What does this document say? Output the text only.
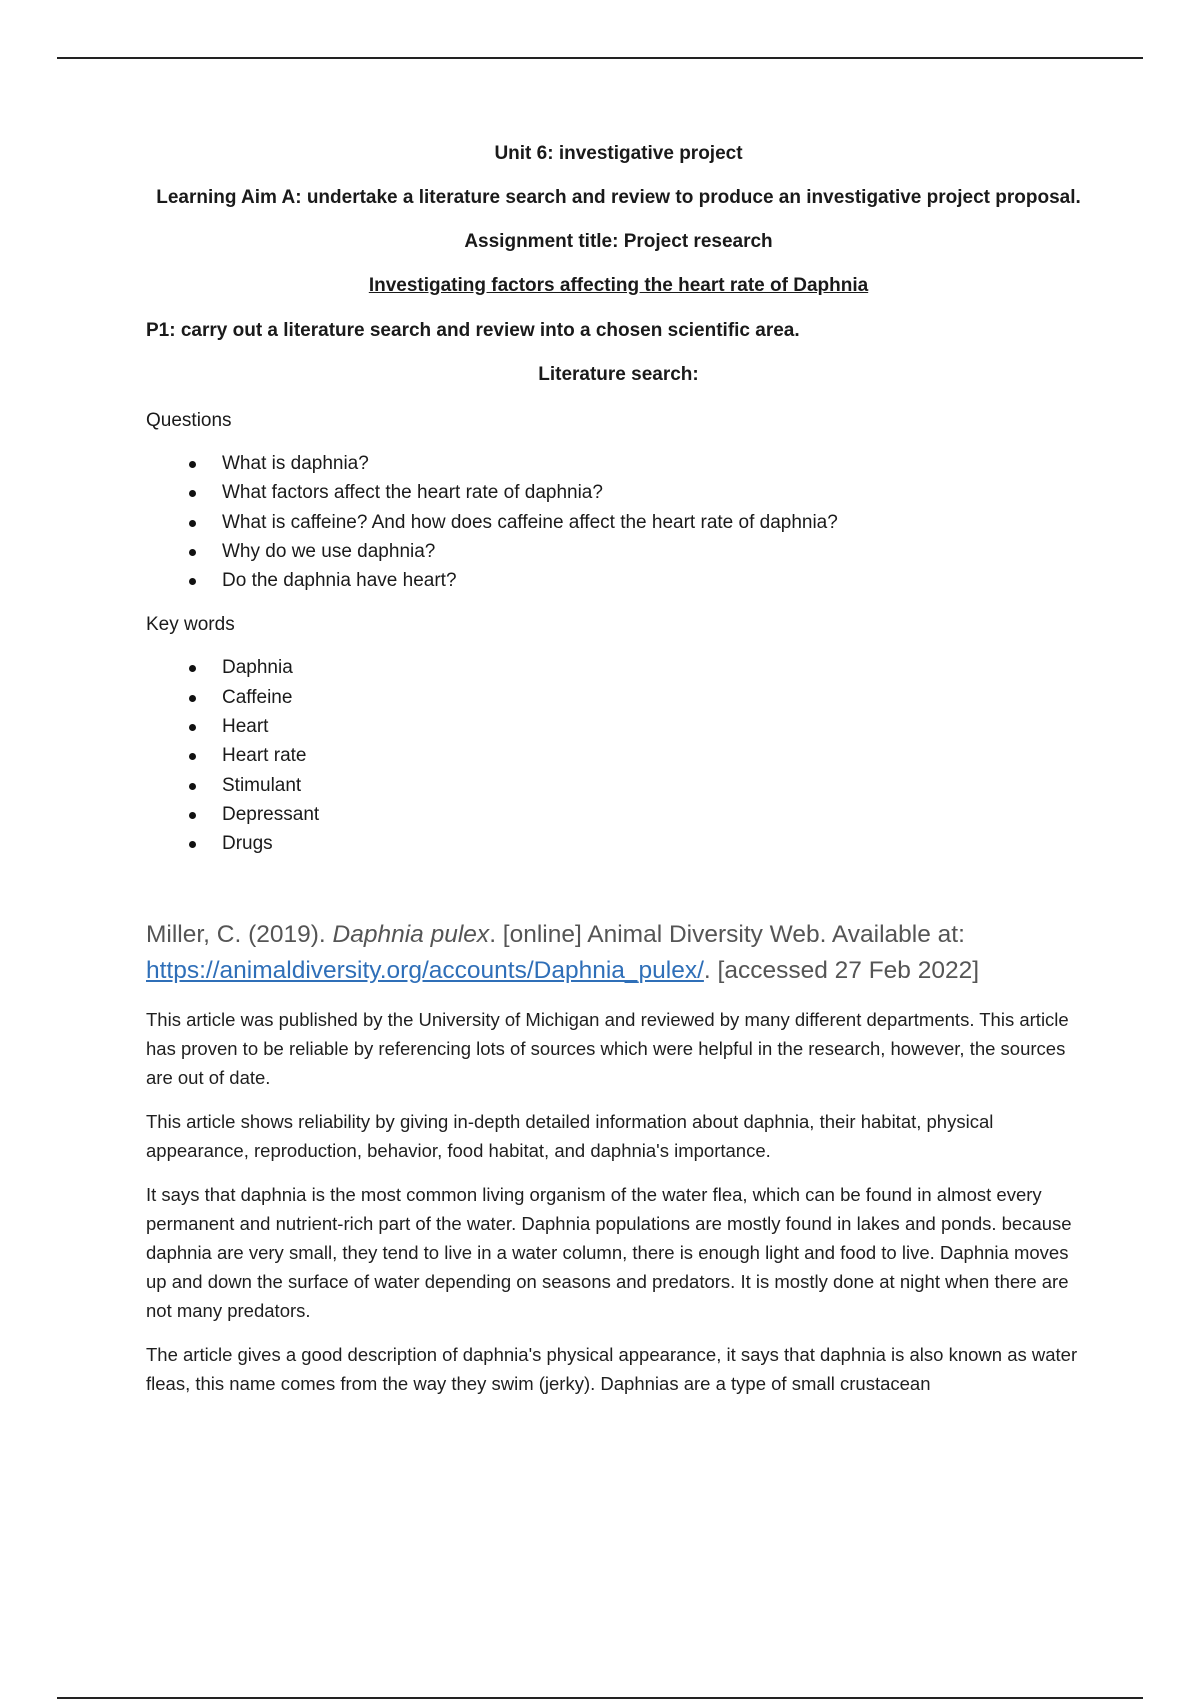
Unit 6: investigative project

Learning Aim A: undertake a literature search and review to produce an investigative project proposal.

Assignment title: Project research

Investigating factors affecting the heart rate of Daphnia

P1: carry out a literature search and review into a chosen scientific area.

Literature search:

Questions

What is daphnia?
What factors affect the heart rate of daphnia?
What is caffeine? And how does caffeine affect the heart rate of daphnia?
Why do we use daphnia?
Do the daphnia have heart?

Key words

Daphnia
Caffeine
Heart
Heart rate
Stimulant
Depressant
Drugs

Miller, C. (2019). Daphnia pulex. [online] Animal Diversity Web. Available at: https://animaldiversity.org/accounts/Daphnia_pulex/. [accessed 27 Feb 2022]

This article was published by the University of Michigan and reviewed by many different departments. This article has proven to be reliable by referencing lots of sources which were helpful in the research, however, the sources are out of date.

This article shows reliability by giving in-depth detailed information about daphnia, their habitat, physical appearance, reproduction, behavior, food habitat, and daphnia's importance.

It says that daphnia is the most common living organism of the water flea, which can be found in almost every permanent and nutrient-rich part of the water. Daphnia populations are mostly found in lakes and ponds. because daphnia are very small, they tend to live in a water column, there is enough light and food to live. Daphnia moves up and down the surface of water depending on seasons and predators. It is mostly done at night when there are not many predators.

The article gives a good description of daphnia's physical appearance, it says that daphnia is also known as water fleas, this name comes from the way they swim (jerky). Daphnias are a type of small crustacean
